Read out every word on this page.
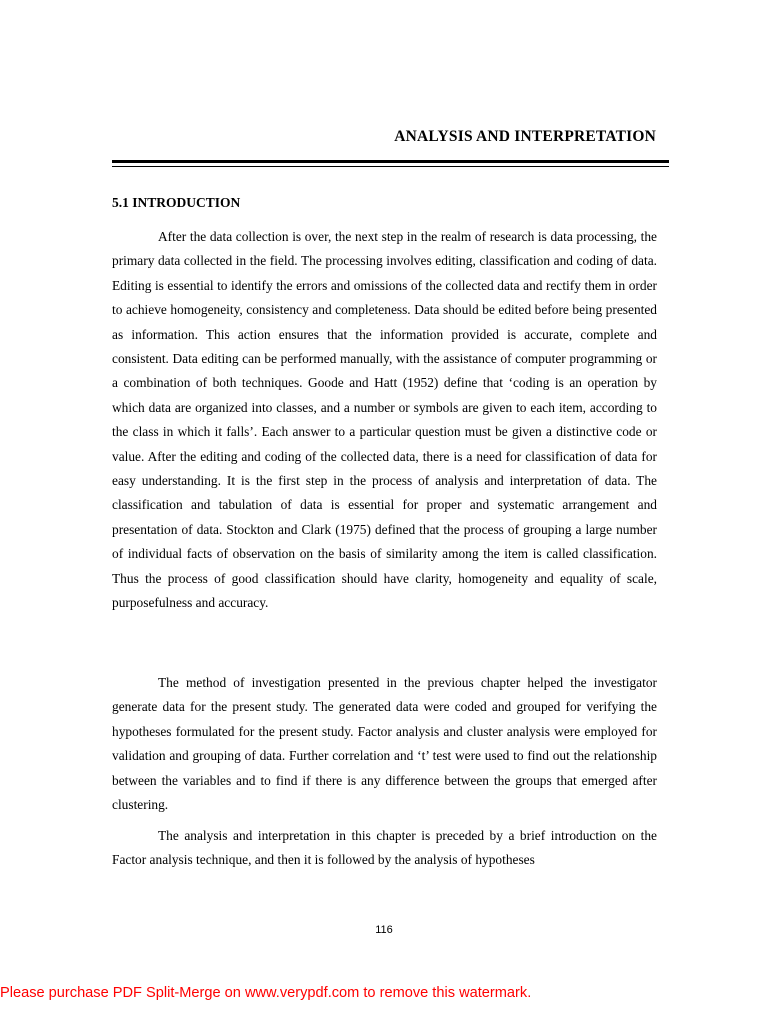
ANALYSIS AND INTERPRETATION
5.1 INTRODUCTION

After the data collection is over, the next step in the realm of research is data processing, the primary data collected in the field. The processing involves editing, classification and coding of data. Editing is essential to identify the errors and omissions of the collected data and rectify them in order to achieve homogeneity, consistency and completeness. Data should be edited before being presented as information. This action ensures that the information provided is accurate, complete and consistent. Data editing can be performed manually, with the assistance of computer programming or a combination of both techniques. Goode and Hatt (1952) define that ‘coding is an operation by which data are organized into classes, and a number or symbols are given to each item, according to the class in which it falls’. Each answer to a particular question must be given a distinctive code or value. After the editing and coding of the collected data, there is a need for classification of data for easy understanding. It is the first step in the process of analysis and interpretation of data. The classification and tabulation of data is essential for proper and systematic arrangement and presentation of data. Stockton and Clark (1975) defined that the process of grouping a large number of individual facts of observation on the basis of similarity among the item is called classification. Thus the process of good classification should have clarity, homogeneity and equality of scale, purposefulness and accuracy.

The method of investigation presented in the previous chapter helped the investigator generate data for the present study. The generated data were coded and grouped for verifying the hypotheses formulated for the present study. Factor analysis and cluster analysis were employed for validation and grouping of data. Further correlation and ‘t’ test were used to find out the relationship between the variables and to find if there is any difference between the groups that emerged after clustering.

The analysis and interpretation in this chapter is preceded by a brief introduction on the Factor analysis technique, and then it is followed by the analysis of hypotheses

116
Please purchase PDF Split-Merge on www.verypdf.com to remove this watermark.
